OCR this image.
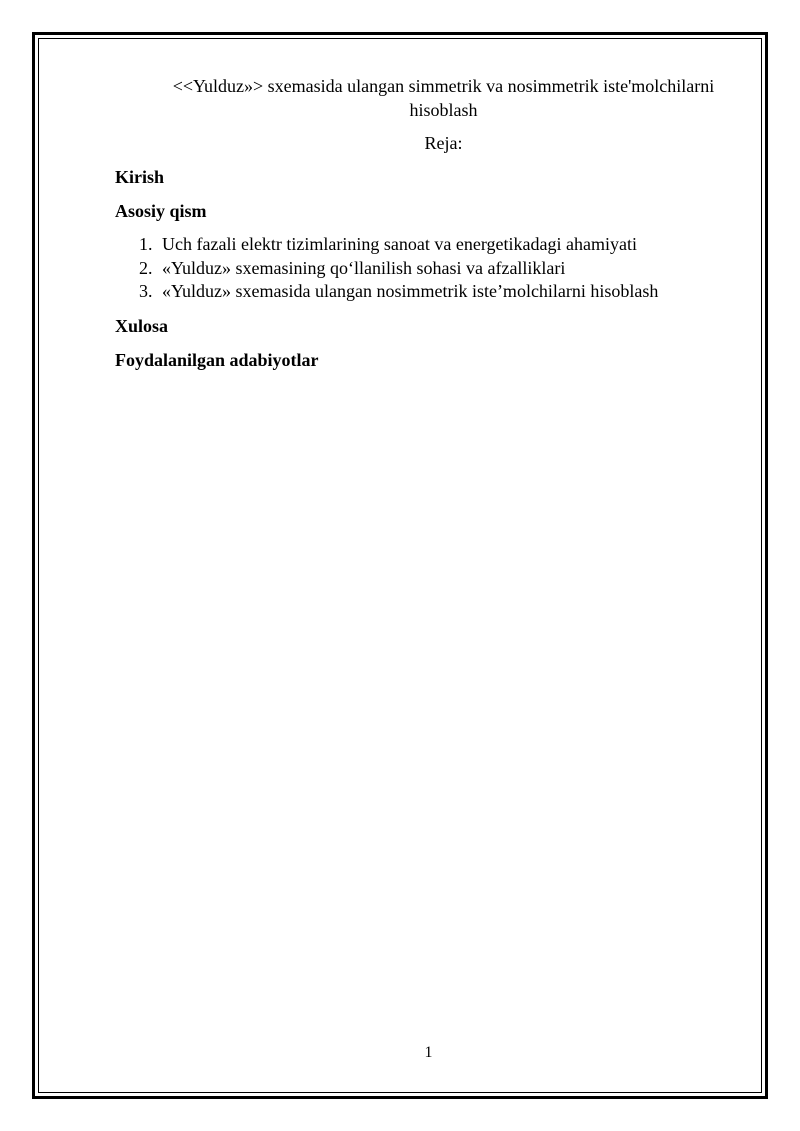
<<Yulduz»> sxemasida ulangan simmetrik va nosimmetrik iste'molchilarni hisoblash

Reja:

Kirish

Asosiy qism

1. Uch fazali elektr tizimlarining sanoat va energetikadagi ahamiyati
2. «Yulduz» sxemasining qo‘llanilish sohasi va afzalliklari
3. «Yulduz» sxemasida ulangan nosimmetrik iste’molchilarni hisoblash

Xulosa

Foydalanilgan adabiyotlar

1
